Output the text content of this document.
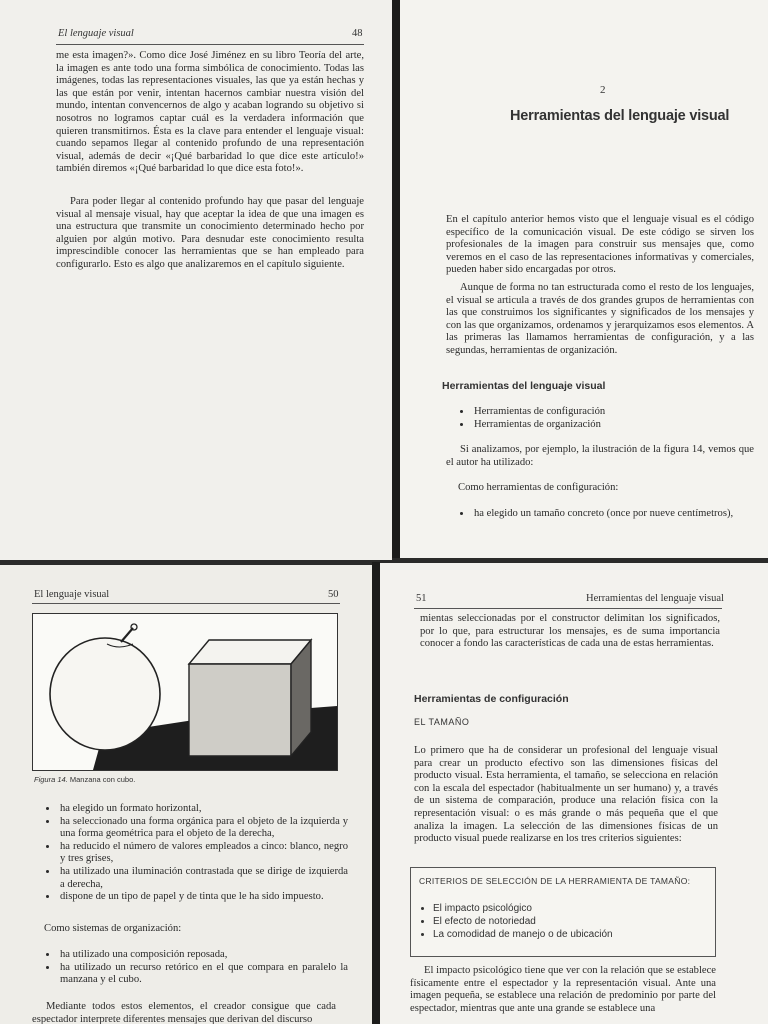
El lenguaje visual	48
me esta imagen?». Como dice José Jiménez en su libro Teoría del arte, la imagen es ante todo una forma simbólica de conocimiento. Todas las imágenes, todas las representaciones visuales, las que ya están hechas y las que están por venir, intentan hacernos cambiar nuestra visión del mundo, intentan convencernos de algo y acaban logrando su objetivo si nosotros no logramos captar cuál es la verdadera información que quieren transmitirnos. Ésta es la clave para entender el lenguaje visual: cuando sepamos llegar al contenido profundo de una representación visual, además de decir «¡Qué barbaridad lo que dice este artículo!» también diremos «¡Qué barbaridad lo que dice esta foto!».
Para poder llegar al contenido profundo hay que pasar del lenguaje visual al mensaje visual, hay que aceptar la idea de que una imagen es una estructura que transmite un conocimiento determinado hecho por alguien por algún motivo. Para desnudar este conocimiento resulta imprescindible conocer las herramientas que se han empleado para configurarlo. Esto es algo que analizaremos en el capítulo siguiente.
2
Herramientas del lenguaje visual
En el capítulo anterior hemos visto que el lenguaje visual es el código específico de la comunicación visual. De este código se sirven los profesionales de la imagen para construir sus mensajes que, como veremos en el caso de las representaciones informativas y comerciales, pueden haber sido encargadas por otros.
Aunque de forma no tan estructurada como el resto de los lenguajes, el visual se articula a través de dos grandes grupos de herramientas con las que construimos los significantes y significados de los mensajes y con las que organizamos, ordenamos y jerarquizamos esos elementos. A las primeras las llamamos herramientas de configuración, y a las segundas, herramientas de organización.
Herramientas del lenguaje visual
• Herramientas de configuración
• Herramientas de organización
Si analizamos, por ejemplo, la ilustración de la figura 14, vemos que el autor ha utilizado:
Como herramientas de configuración:
• ha elegido un tamaño concreto (once por nueve centímetros),
El lenguaje visual	50
Figura 14. Manzana con cubo.
• ha elegido un formato horizontal,
• ha seleccionado una forma orgánica para el objeto de la izquierda y una forma geométrica para el objeto de la derecha,
• ha reducido el número de valores empleados a cinco: blanco, negro y tres grises,
• ha utilizado una iluminación contrastada que se dirige de izquierda a derecha,
• dispone de un tipo de papel y de tinta que le ha sido impuesto.
Como sistemas de organización:
• ha utilizado una composición reposada,
• ha utilizado un recurso retórico en el que compara en paralelo la manzana y el cubo.
Mediante todos estos elementos, el creador consigue que cada espectador interprete diferentes mensajes que derivan del discurso
51	Herramientas del lenguaje visual
mientas seleccionadas por el constructor delimitan los significados, por lo que, para estructurar los mensajes, es de suma importancia conocer a fondo las características de cada una de estas herramientas.
Herramientas de configuración
EL TAMAÑO
Lo primero que ha de considerar un profesional del lenguaje visual para crear un producto efectivo son las dimensiones físicas del producto visual. Esta herramienta, el tamaño, se selecciona en relación con la escala del espectador (habitualmente un ser humano) y, a través de un sistema de comparación, produce una relación física con la representación visual: o es más grande o más pequeña que el que analiza la imagen. La selección de las dimensiones físicas de un producto visual puede realizarse en los tres criterios siguientes:
CRITERIOS DE SELECCIÓN DE LA HERRAMIENTA DE TAMAÑO:
• El impacto psicológico
• El efecto de notoriedad
• La comodidad de manejo o de ubicación
El impacto psicológico tiene que ver con la relación que se establece físicamente entre el espectador y la representación visual. Ante una imagen pequeña, se establece una relación de predominio por parte del espectador, mientras que ante una grande se establece una
